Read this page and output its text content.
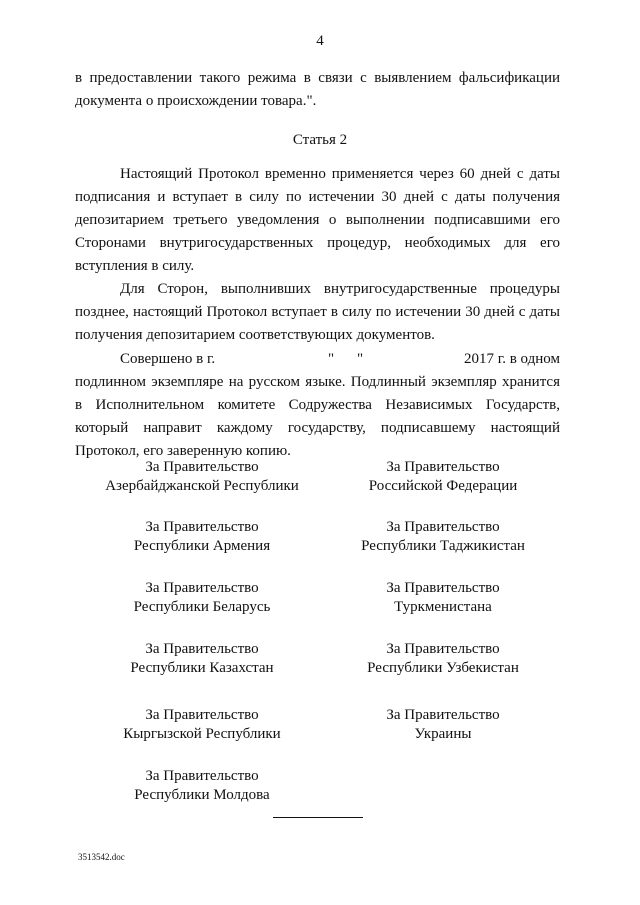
4
в предоставлении такого режима в связи с выявлением фальсификации
документа о происхождении товара.".
Статья 2
Настоящий Протокол временно применяется через 60 дней с даты
подписания и вступает в силу по истечении 30 дней с даты получения
депозитарием третьего уведомления о выполнении подписавшими его
Сторонами внутригосударственных процедур, необходимых для его
вступления в силу.
Для Сторон, выполнивших внутригосударственные процедуры
позднее, настоящий Протокол вступает в силу по истечении 30 дней с даты
получения депозитарием соответствующих документов.
Совершено в г.	" "	2017 г. в одном
подлинном экземпляре на русском языке. Подлинный экземпляр хранится
в Исполнительном комитете Содружества Независимых Государств,
который направит каждому государству, подписавшему настоящий
Протокол, его заверенную копию.
За Правительство
Азербайджанской Республики
За Правительство
Республики Армения
За Правительство
Республики Беларусь
За Правительство
Республики Казахстан
За Правительство
Кыргызской Республики
За Правительство
Республики Молдова
За Правительство
Российской Федерации
За Правительство
Республики Таджикистан
За Правительство
Туркменистана
За Правительство
Республики Узбекистан
За Правительство
Украины
3513542.doc
